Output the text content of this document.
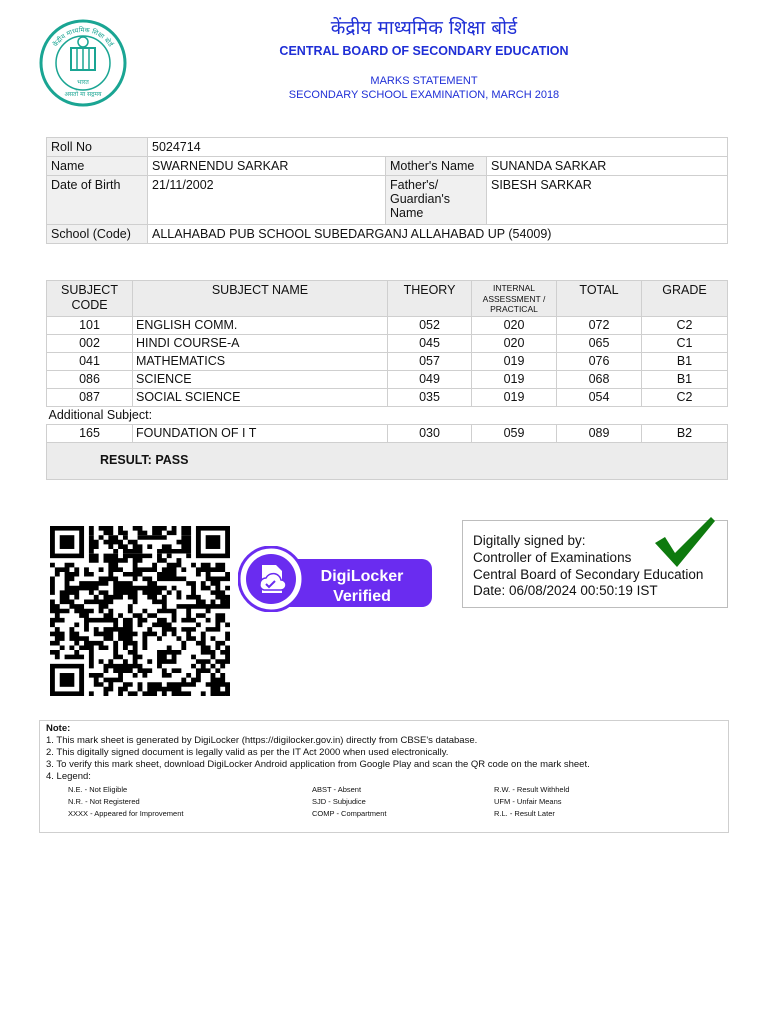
केंद्रीय माध्यमिक शिक्षा बोर्ड
भारत
असतो मा सद्गमय
केंद्रीय माध्यमिक शिक्षा बोर्ड
CENTRAL BOARD OF SECONDARY EDUCATION
MARKS STATEMENT
SECONDARY SCHOOL EXAMINATION, MARCH 2018
Roll No	5024714		
Name	SWARNENDU SARKAR	Mother's Name	SUNANDA SARKAR
Date of Birth	21/11/2002	Father's/ Guardian's Name	SIBESH SARKAR
School (Code)	ALLAHABAD PUB SCHOOL SUBEDARGANJ ALLAHABAD UP (54009)		
SUBJECT CODE	SUBJECT NAME	THEORY	INTERNAL ASSESSMENT / PRACTICAL	TOTAL	GRADE
101	ENGLISH COMM.	052	020	072	C2
002	HINDI COURSE-A	045	020	065	C1
041	MATHEMATICS	057	019	076	B1
086	SCIENCE	049	019	068	B1
087	SOCIAL SCIENCE	035	019	054	C2
Additional Subject:					
165	FOUNDATION OF I T	030	059	089	B2
RESULT: PASS					
DigiLocker
Verified
Digitally signed by:
Controller of Examinations
Central Board of Secondary Education
Date: 06/08/2024 00:50:19 IST
Note:
1. This mark sheet is generated by DigiLocker (https://digilocker.gov.in) directly from CBSE's database.
2. This digitally signed document is legally valid as per the IT Act 2000 when used electronically.
3. To verify this mark sheet, download DigiLocker Android application from Google Play and scan the QR code on the mark sheet.
4. Legend:
N.E. - Not Eligible	ABST - Absent	R.W. - Result Withheld
N.R. - Not Registered	SJD - Subjudice	UFM - Unfair Means
XXXX - Appeared for Improvement	COMP - Compartment	R.L. - Result Later
